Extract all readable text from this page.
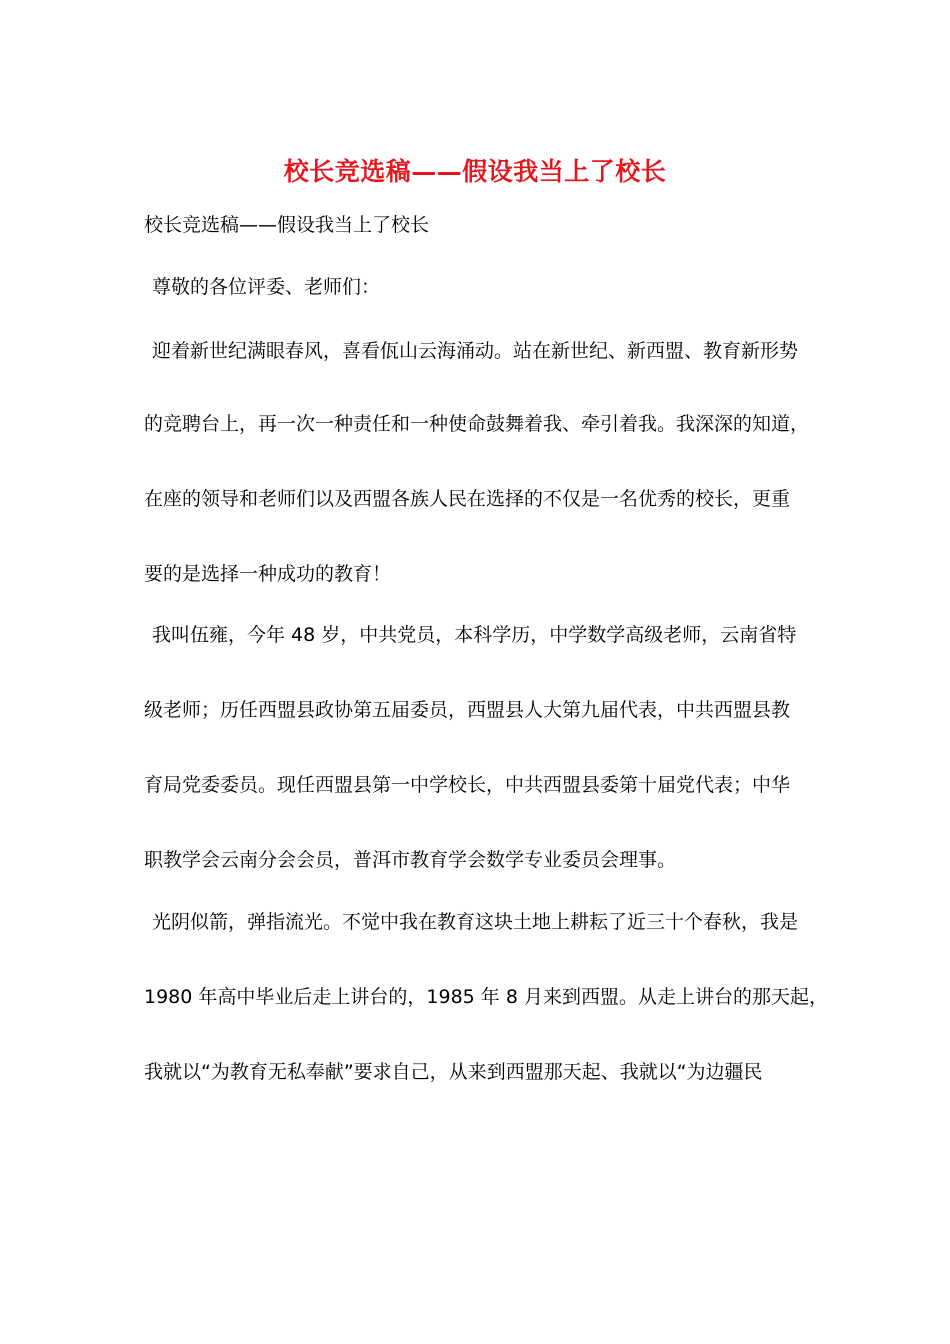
校长竞选稿——假设我当上了校长
校长竞选稿——假设我当上了校长
尊敬的各位评委、老师们：
迎着新世纪满眼春风，喜看佤山云海涌动。站在新世纪、新西盟、教育新形势
的竞聘台上，再一次一种责任和一种使命鼓舞着我、牵引着我。我深深的知道，
在座的领导和老师们以及西盟各族人民在选择的不仅是一名优秀的校长，更重
要的是选择一种成功的教育！
我叫伍雍，今年 48 岁，中共党员，本科学历，中学数学高级老师，云南省特
级老师；历任西盟县政协第五届委员，西盟县人大第九届代表，中共西盟县教
育局党委委员。现任西盟县第一中学校长，中共西盟县委第十届党代表；中华
职教学会云南分会会员，普洱市教育学会数学专业委员会理事。
光阴似箭，弹指流光。不觉中我在教育这块土地上耕耘了近三十个春秋，我是
1980 年高中毕业后走上讲台的，1985 年 8 月来到西盟。从走上讲台的那天起，
我就以“为教育无私奉献”要求自己，从来到西盟那天起、我就以“为边疆民
